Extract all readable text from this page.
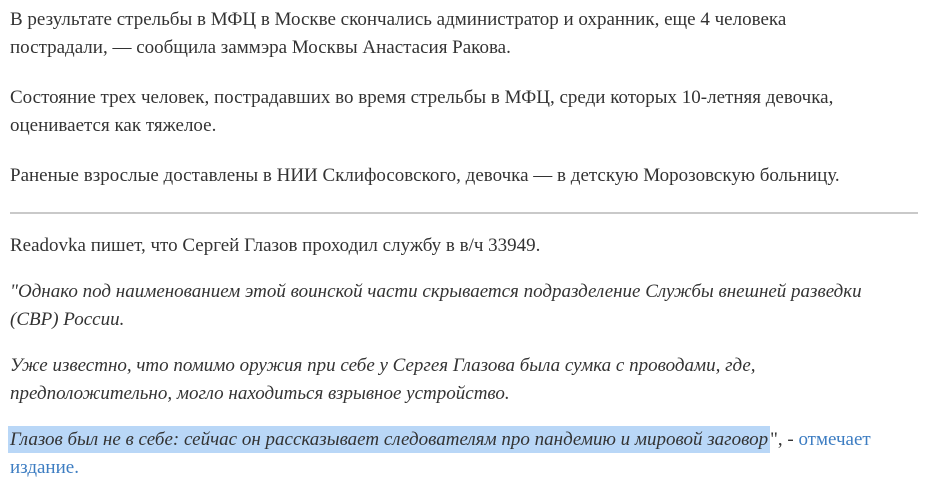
В результате стрельбы в МФЦ в Москве скончались администратор и охранник, еще 4 человека
пострадали, — сообщила заммэра Москвы Анастасия Ракова.

Состояние трех человек, пострадавших во время стрельбы в МФЦ, среди которых 10-летняя девочка,
оценивается как тяжелое.

Раненые взрослые доставлены в НИИ Склифосовского, девочка — в детскую Морозовскую больницу.

Readovka пишет, что Сергей Глазов проходил службу в в/ч 33949.

"Однако под наименованием этой воинской части скрывается подразделение Службы внешней разведки
(СВР) России.

Уже известно, что помимо оружия при себе у Сергея Глазова была сумка с проводами, где,
предположительно, могло находиться взрывное устройство.

Глазов был не в себе: сейчас он рассказывает следователям про пандемию и мировой заговор ", - отмечает
издание.
